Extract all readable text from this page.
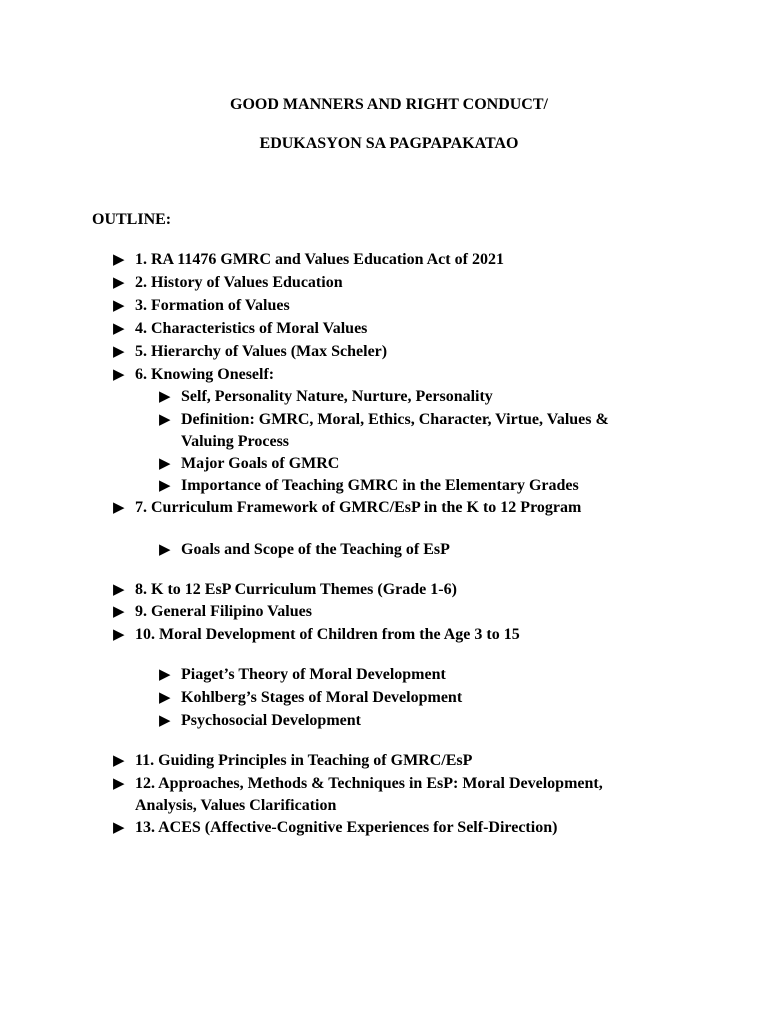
GOOD MANNERS AND RIGHT CONDUCT/
EDUKASYON SA PAGPAPAKATAO
OUTLINE:
▶ 1. RA 11476 GMRC and Values Education Act of 2021
▶ 2. History of Values Education
▶ 3. Formation of Values
▶ 4. Characteristics of Moral Values
▶ 5. Hierarchy of Values (Max Scheler)
▶ 6. Knowing Oneself:
▶ Self, Personality Nature, Nurture, Personality
▶ Definition: GMRC, Moral, Ethics, Character, Virtue, Values &
Valuing Process
▶ Major Goals of GMRC
▶ Importance of Teaching GMRC in the Elementary Grades
▶ 7. Curriculum Framework of GMRC/EsP in the K to 12 Program
▶ Goals and Scope of the Teaching of EsP
▶ 8. K to 12 EsP Curriculum Themes (Grade 1-6)
▶ 9. General Filipino Values
▶ 10. Moral Development of Children from the Age 3 to 15
▶ Piaget’s Theory of Moral Development
▶ Kohlberg’s Stages of Moral Development
▶ Psychosocial Development
▶ 11. Guiding Principles in Teaching of GMRC/EsP
▶ 12. Approaches, Methods & Techniques in EsP: Moral Development,
Analysis, Values Clarification
▶ 13. ACES (Affective-Cognitive Experiences for Self-Direction)
